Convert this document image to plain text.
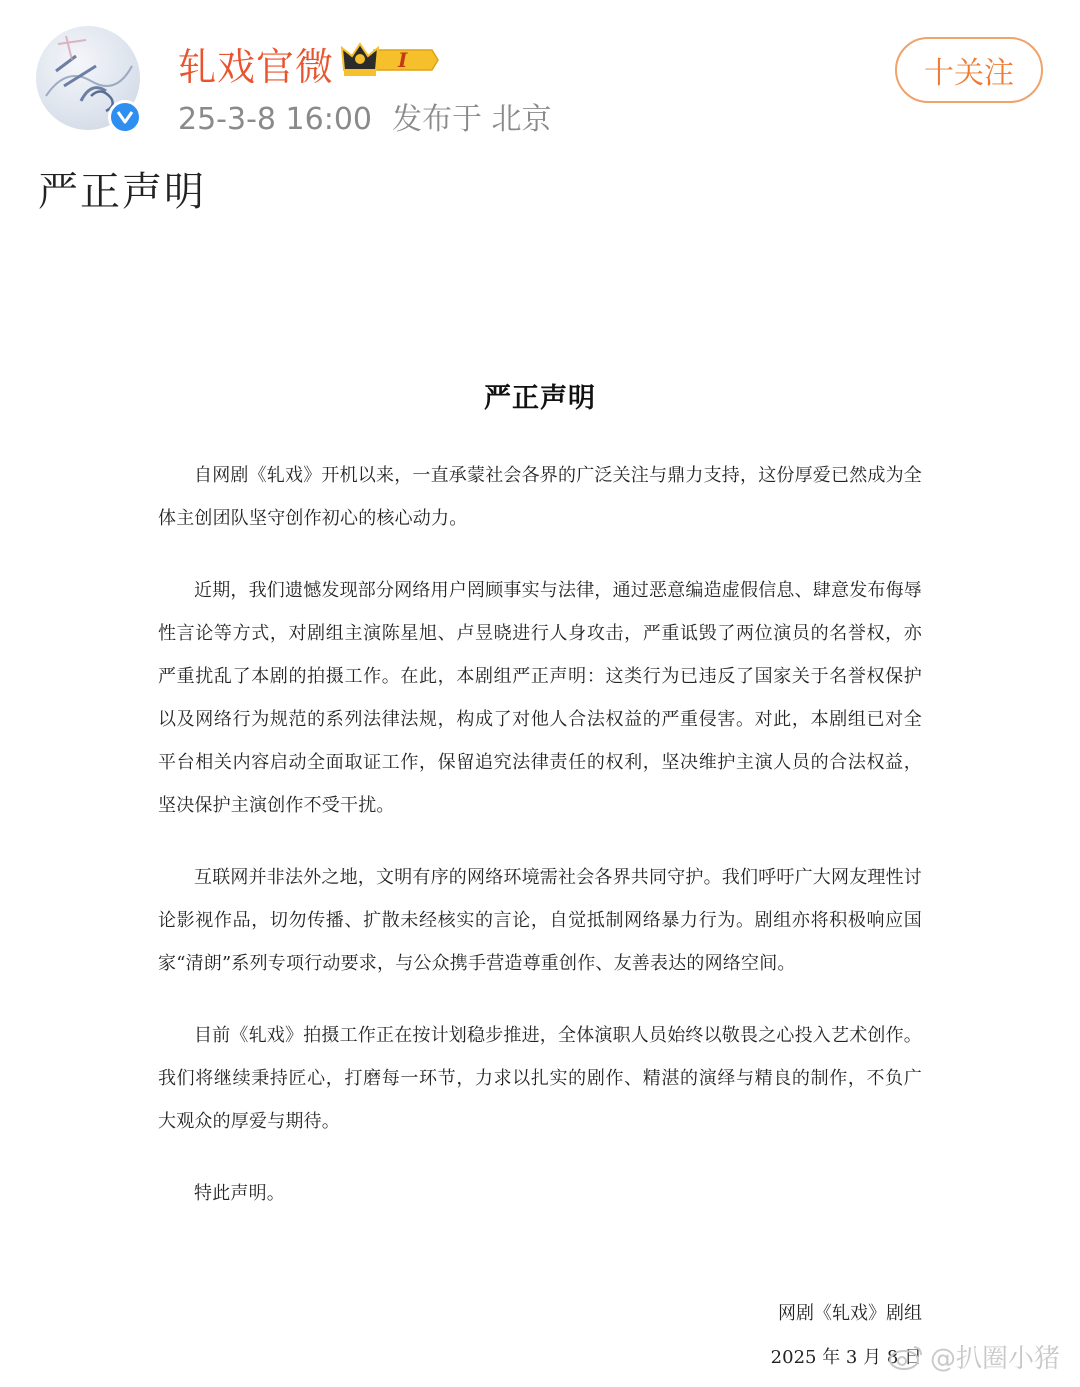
轧戏官微	I
25-3-8 16:00 发布于 北京
十关注
严正声明
严正声明

自网剧《轧戏》开机以来，一直承蒙社会各界的广泛关注与鼎力支持，这份厚爱已然成为全体主创团队坚守创作初心的核心动力。

近期，我们遗憾发现部分网络用户罔顾事实与法律，通过恶意编造虚假信息、肆意发布侮辱性言论等方式，对剧组主演陈星旭、卢昱晓进行人身攻击，严重诋毁了两位演员的名誉权，亦严重扰乱了本剧的拍摄工作。在此，本剧组严正声明：这类行为已违反了国家关于名誉权保护以及网络行为规范的系列法律法规，构成了对他人合法权益的严重侵害。对此，本剧组已对全平台相关内容启动全面取证工作，保留追究法律责任的权利，坚决维护主演人员的合法权益，坚决保护主演创作不受干扰。

互联网并非法外之地，文明有序的网络环境需社会各界共同守护。我们呼吁广大网友理性讨论影视作品，切勿传播、扩散未经核实的言论，自觉抵制网络暴力行为。剧组亦将积极响应国家“清朗”系列专项行动要求，与公众携手营造尊重创作、友善表达的网络空间。

目前《轧戏》拍摄工作正在按计划稳步推进，全体演职人员始终以敬畏之心投入艺术创作。我们将继续秉持匠心，打磨每一环节，力求以扎实的剧作、精湛的演绎与精良的制作，不负广大观众的厚爱与期待。

特此声明。

网剧《轧戏》剧组
2025 年 3 月 8 日 @扒圈小猪
